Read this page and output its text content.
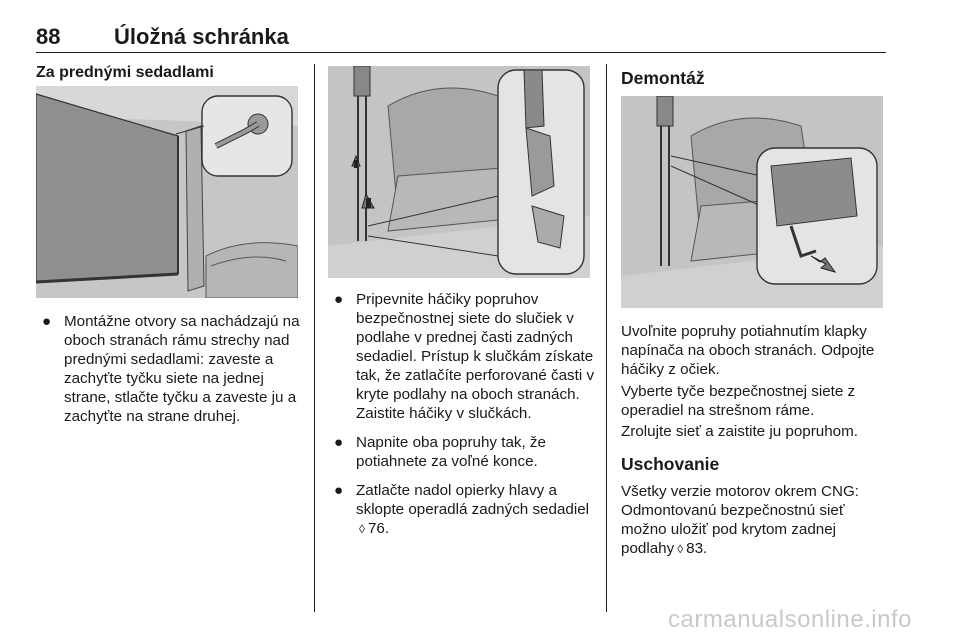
88 Úložná schránka
Za prednými sedadlami
● Montážne otvory sa nachádzajú na oboch stranách rámu strechy nad prednými sedadlami: zaveste a zachyťte tyčku siete na jednej strane, stlačte tyčku a zaveste ju a zachyťte na strane druhej.
● Pripevnite háčiky popruhov bezpečnostnej siete do slučiek v podlahe v prednej časti zadných sedadiel. Prístup k slučkám získate tak, že zatlačíte perforované časti v kryte podlahy na oboch stranách. Zaistite háčiky v slučkách.
● Napnite oba popruhy tak, že potiahnete za voľné konce.
● Zatlačte nadol opierky hlavy a sklopte operadlá zadných sedadiel◊ 76.
Demontáž

Uvoľnite popruhy potiahnutím klapky napínača na oboch stranách. Odpojte háčiky z očiek.

Vyberte tyče bezpečnostnej siete z operadiel na strešnom ráme.

Zrolujte sieť a zaistite ju popruhom.

Uschovanie

Všetky verzie motorov okrem CNG: Odmontovanú bezpečnostnú sieť možno uložiť pod krytom zadnej podlahy ◊ 83.

carmanualsonline.info
